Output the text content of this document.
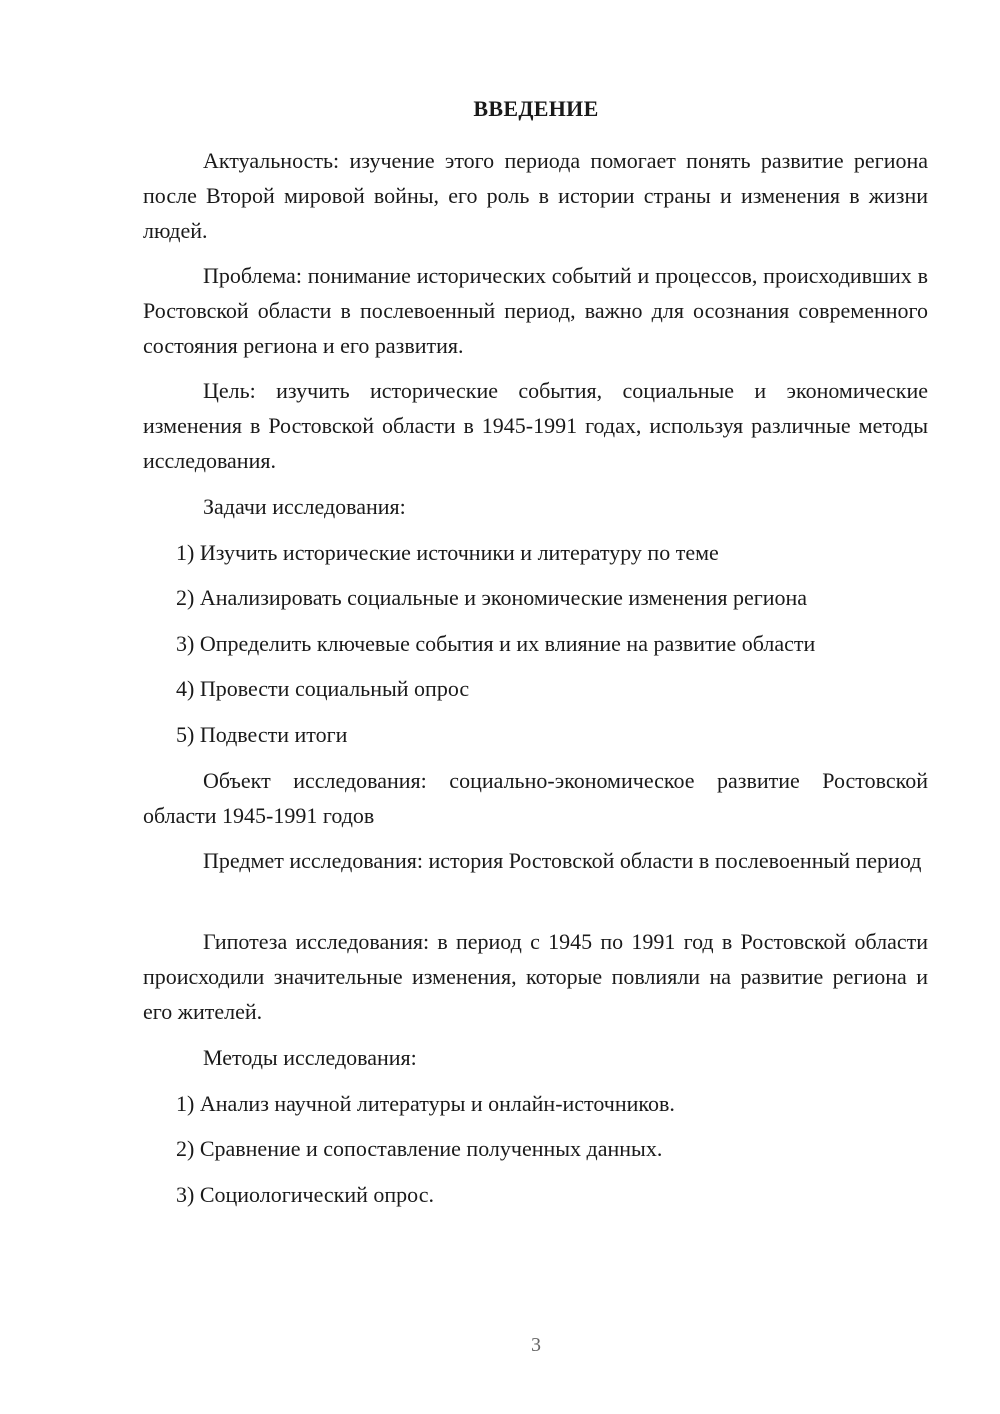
ВВЕДЕНИЕ

Актуальность: изучение этого периода помогает понять развитие региона после Второй мировой войны, его роль в истории страны и изменения в жизни людей.

Проблема: понимание исторических событий и процессов, происходивших в Ростовской области в послевоенный период, важно для осознания современного состояния региона и его развития.

Цель: изучить исторические события, социальные и экономические изменения в Ростовской области в 1945-1991 годах, используя различные методы исследования.

Задачи исследования:

1) Изучить исторические источники и литературу по теме

2) Анализировать социальные и экономические изменения региона

3) Определить ключевые события и их влияние на развитие области

4) Провести социальный опрос

5) Подвести итоги

Объект исследования: социально-экономическое развитие Ростовской области 1945-1991 годов

Предмет исследования: история Ростовской области в послевоенный период

Гипотеза исследования: в период с 1945 по 1991 год в Ростовской области происходили значительные изменения, которые повлияли на развитие региона и его жителей.

Методы исследования:

1) Анализ научной литературы и онлайн-источников.

2) Сравнение и сопоставление полученных данных.

3) Социологический опрос.

3
